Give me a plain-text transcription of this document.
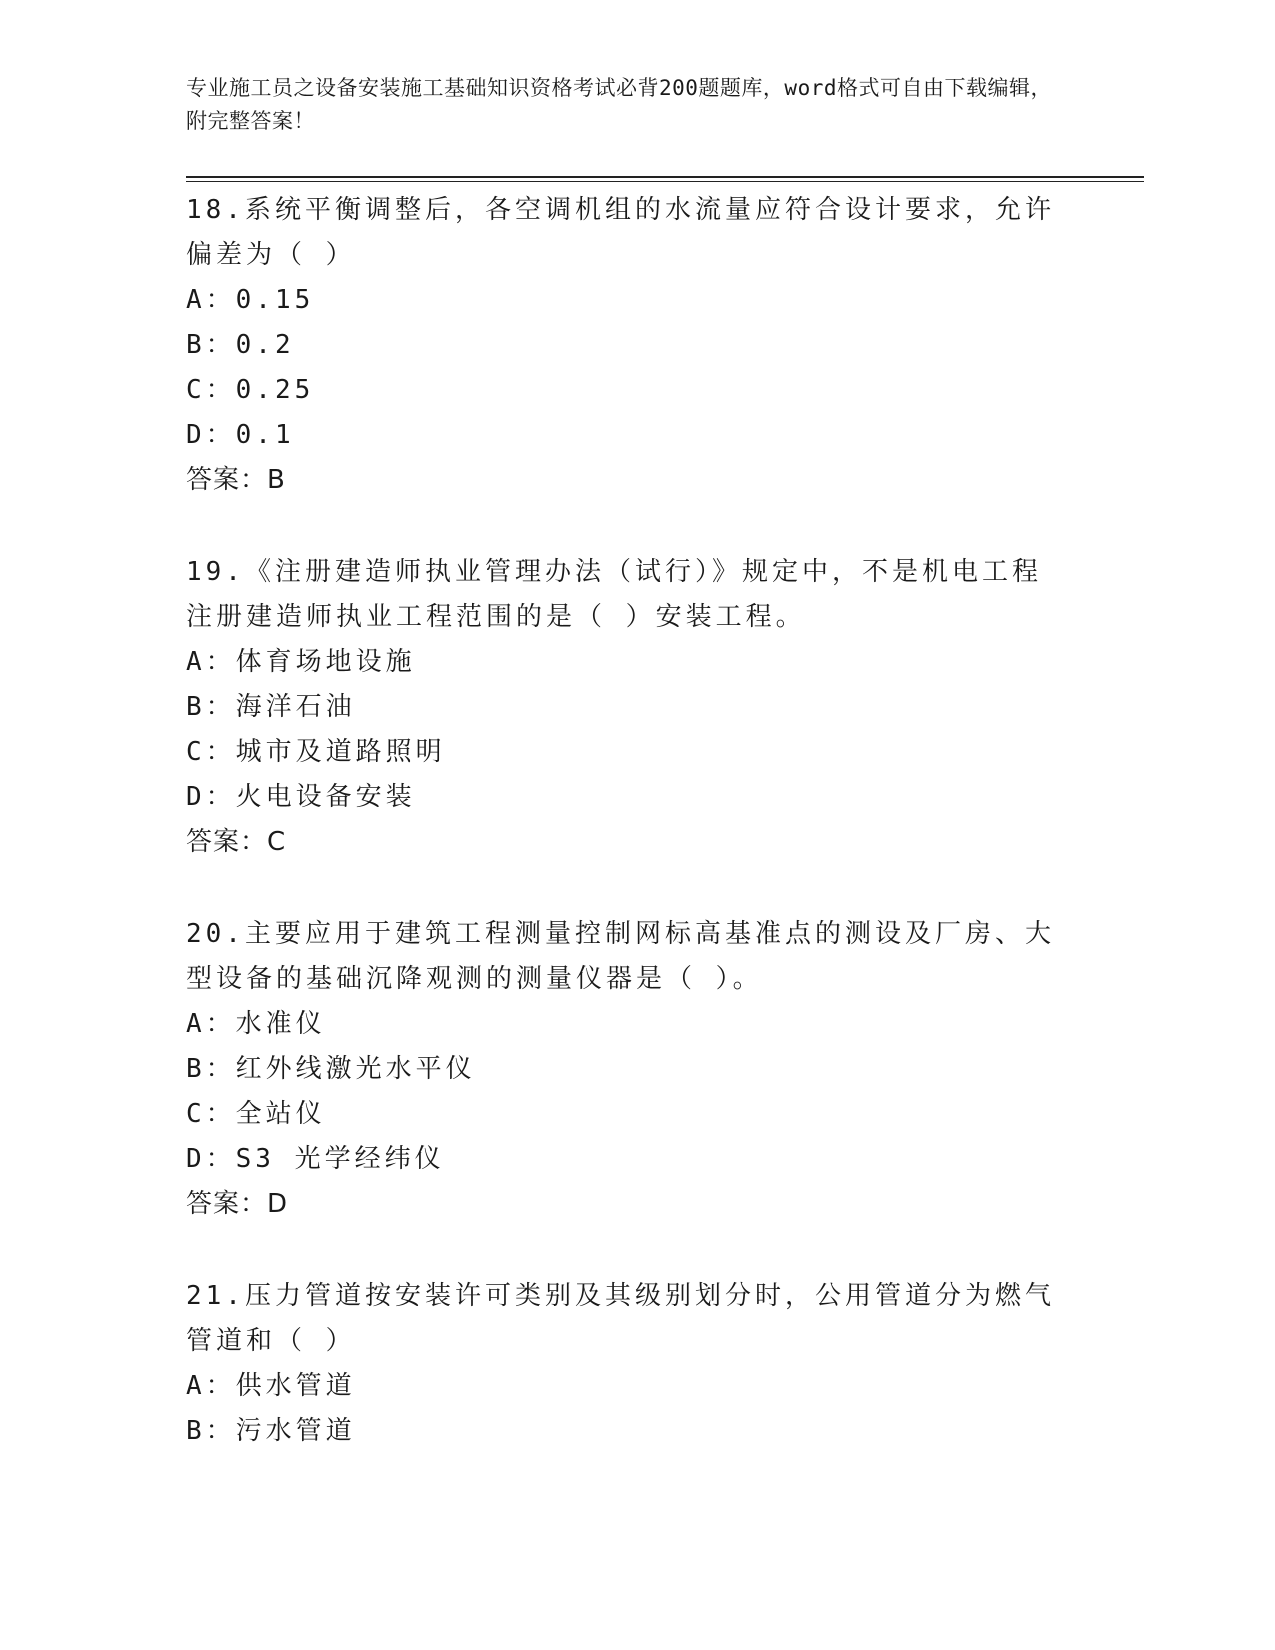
专业施工员之设备安装施工基础知识资格考试必背200题题库，word格式可自由下载编辑，附完整答案！
18.系统平衡调整后，各空调机组的水流量应符合设计要求，允许偏差为（ ）
A：0.15
B：0.2
C：0.25
D：0.1
答案：B
19.《注册建造师执业管理办法（试行）》规定中，不是机电工程注册建造师执业工程范围的是（ ）安装工程。
A：体育场地设施
B：海洋石油
C：城市及道路照明
D：火电设备安装
答案：C
20.主要应用于建筑工程测量控制网标高基准点的测设及厂房、大型设备的基础沉降观测的测量仪器是（ ）。
A：水准仪
B：红外线激光水平仪
C：全站仪
D：S3 光学经纬仪
答案：D
21.压力管道按安装许可类别及其级别划分时，公用管道分为燃气管道和（ ）
A：供水管道
B：污水管道
